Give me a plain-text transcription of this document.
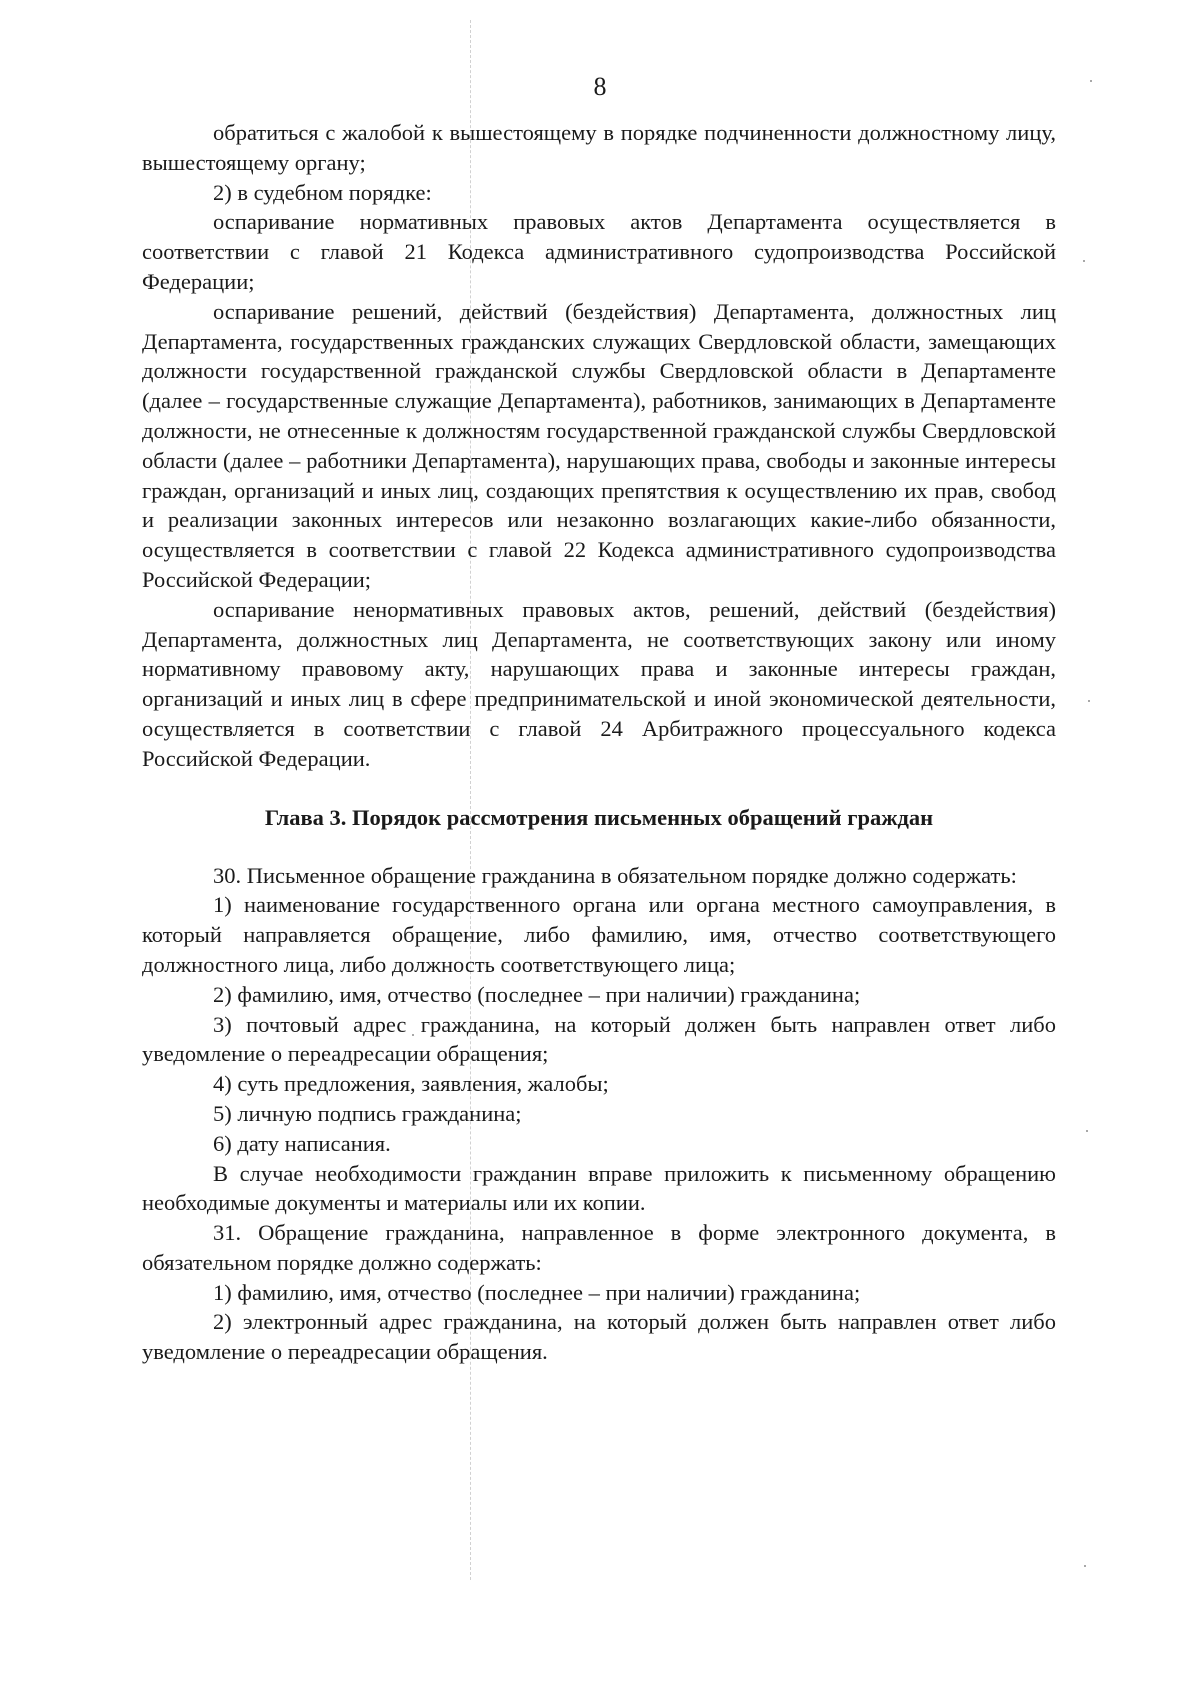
8

обратиться с жалобой к вышестоящему в порядке подчиненности должностному лицу, вышестоящему органу;

2) в судебном порядке:

оспаривание нормативных правовых актов Департамента осуществляется в соответствии с главой 21 Кодекса административного судопроизводства Российской Федерации;

оспаривание решений, действий (бездействия) Департамента, должностных лиц Департамента, государственных гражданских служащих Свердловской области, замещающих должности государственной гражданской службы Свердловской области в Департаменте (далее – государственные служащие Департамента), работников, занимающих в Департаменте должности, не отнесенные к должностям государственной гражданской службы Свердловской области (далее – работники Департамента), нарушающих права, свободы и законные интересы граждан, организаций и иных лиц, создающих препятствия к осуществлению их прав, свобод и реализации законных интересов или незаконно возлагающих какие-либо обязанности, осуществляется в соответствии с главой 22 Кодекса административного судопроизводства Российской Федерации;

оспаривание ненормативных правовых актов, решений, действий (бездействия) Департамента, должностных лиц Департамента, не соответствующих закону или иному нормативному правовому акту, нарушающих права и законные интересы граждан, организаций и иных лиц в сфере предпринимательской и иной экономической деятельности, осуществляется в соответствии с главой 24 Арбитражного процессуального кодекса Российской Федерации.

Глава 3. Порядок рассмотрения письменных обращений граждан

30. Письменное обращение гражданина в обязательном порядке должно содержать:

1) наименование государственного органа или органа местного самоуправления, в который направляется обращение, либо фамилию, имя, отчество соответствующего должностного лица, либо должность соответствующего лица;

2) фамилию, имя, отчество (последнее – при наличии) гражданина;

3) почтовый адрес гражданина, на который должен быть направлен ответ либо уведомление о переадресации обращения;

4) суть предложения, заявления, жалобы;

5) личную подпись гражданина;

6) дату написания.

В случае необходимости гражданин вправе приложить к письменному обращению необходимые документы и материалы или их копии.

31. Обращение гражданина, направленное в форме электронного документа, в обязательном порядке должно содержать:

1) фамилию, имя, отчество (последнее – при наличии) гражданина;

2) электронный адрес гражданина, на который должен быть направлен ответ либо уведомление о переадресации обращения.
